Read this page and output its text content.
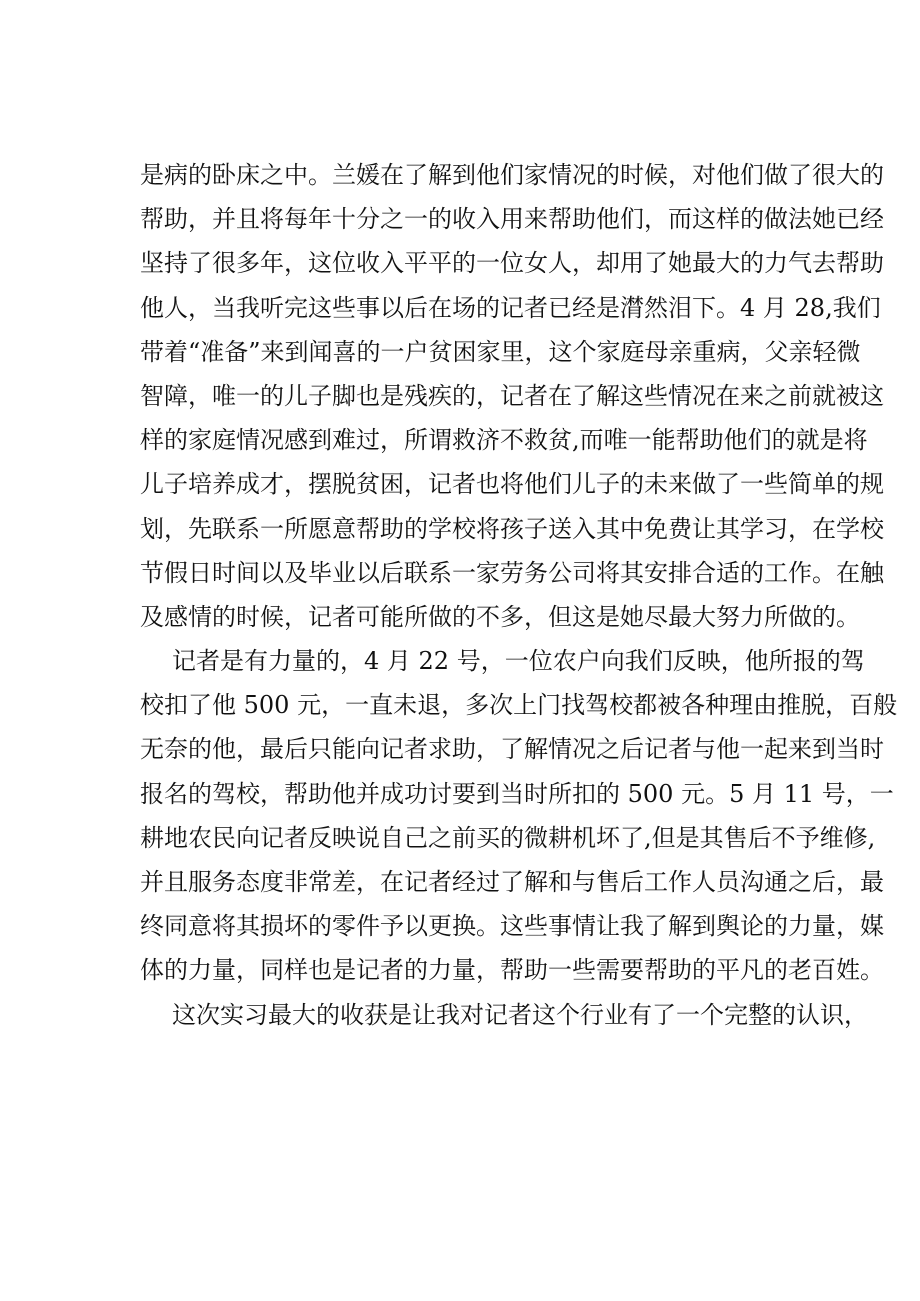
是病的卧床之中。兰媛在了解到他们家情况的时候，对他们做了很大的
帮助，并且将每年十分之一的收入用来帮助他们，而这样的做法她已经
坚持了很多年，这位收入平平的一位女人，却用了她最大的力气去帮助
他人，当我听完这些事以后在场的记者已经是潸然泪下。4 月 28,我们
带着“准备”来到闻喜的一户贫困家里，这个家庭母亲重病，父亲轻微
智障，唯一的儿子脚也是残疾的，记者在了解这些情况在来之前就被这
样的家庭情况感到难过，所谓救济不救贫,而唯一能帮助他们的就是将
儿子培养成才，摆脱贫困，记者也将他们儿子的未来做了一些简单的规
划，先联系一所愿意帮助的学校将孩子送入其中免费让其学习，在学校
节假日时间以及毕业以后联系一家劳务公司将其安排合适的工作。在触
及感情的时候，记者可能所做的不多，但这是她尽最大努力所做的。
记者是有力量的，4 月 22 号，一位农户向我们反映，他所报的驾
校扣了他 500 元，一直未退，多次上门找驾校都被各种理由推脱，百般
无奈的他，最后只能向记者求助，了解情况之后记者与他一起来到当时
报名的驾校，帮助他并成功讨要到当时所扣的 500 元。5 月 11 号，一
耕地农民向记者反映说自己之前买的微耕机坏了,但是其售后不予维修,
并且服务态度非常差，在记者经过了解和与售后工作人员沟通之后，最
终同意将其损坏的零件予以更换。这些事情让我了解到舆论的力量，媒
体的力量，同样也是记者的力量，帮助一些需要帮助的平凡的老百姓。
这次实习最大的收获是让我对记者这个行业有了一个完整的认识，
